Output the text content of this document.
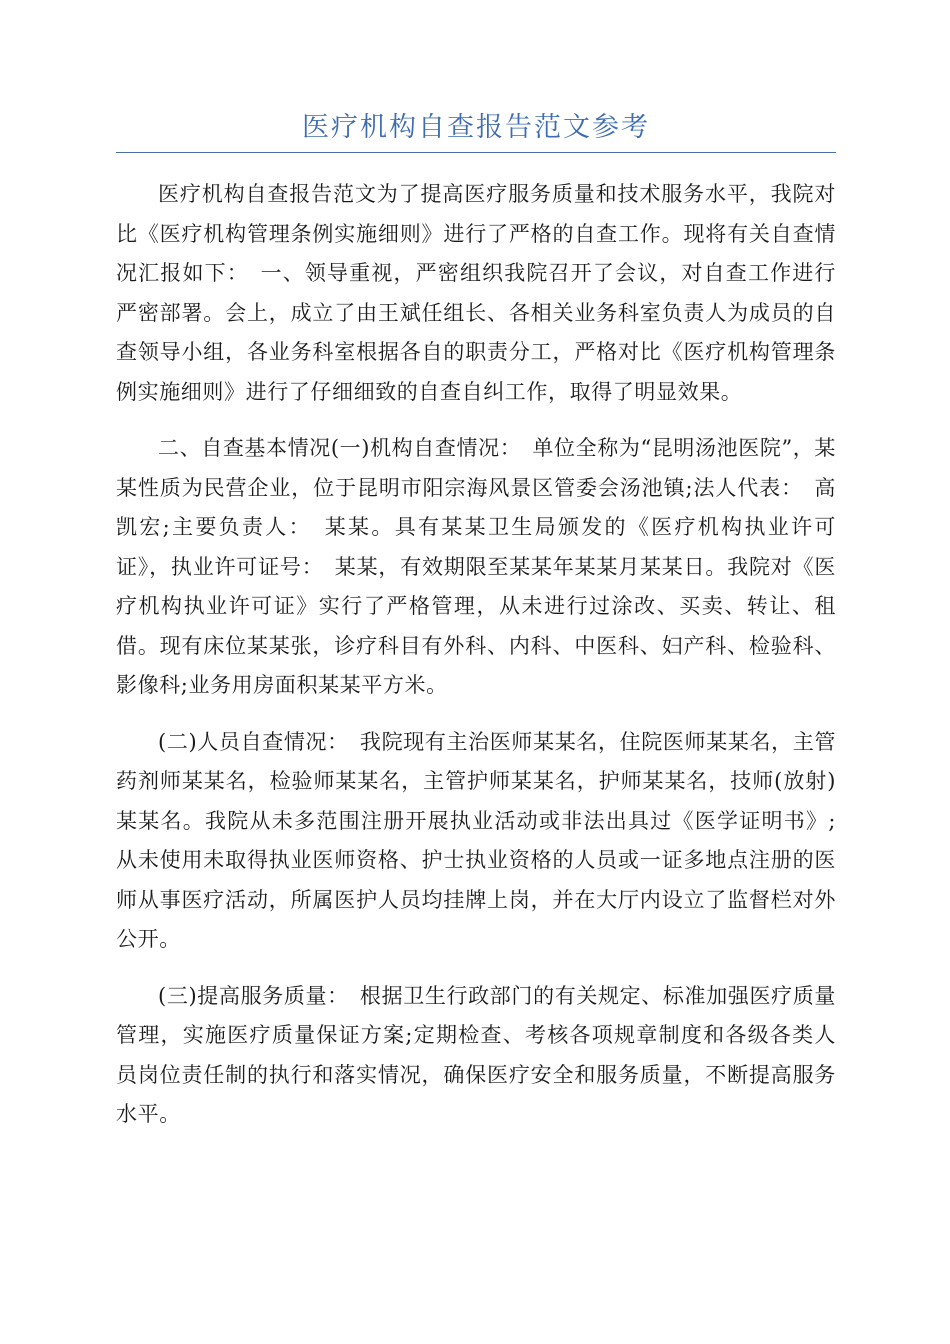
医疗机构自查报告范文参考

医疗机构自查报告范文为了提高医疗服务质量和技术服务水平，我院对比《医疗机构管理条例实施细则》进行了严格的自查工作。现将有关自查情况汇报如下：　一、领导重视，严密组织我院召开了会议，对自查工作进行严密部署。会上，成立了由王斌任组长、各相关业务科室负责人为成员的自查领导小组，各业务科室根据各自的职责分工，严格对比《医疗机构管理条例实施细则》进行了仔细细致的自查自纠工作，取得了明显效果。

二、自查基本情况(一)机构自查情况：　单位全称为“昆明汤池医院”，某某性质为民营企业，位于昆明市阳宗海风景区管委会汤池镇;法人代表：　高凯宏;主要负责人：　某某。具有某某卫生局颁发的《医疗机构执业许可证》，执业许可证号：　某某，有效期限至某某年某某月某某日。我院对《医疗机构执业许可证》实行了严格管理，从未进行过涂改、买卖、转让、租借。现有床位某某张，诊疗科目有外科、内科、中医科、妇产科、检验科、影像科;业务用房面积某某平方米。

(二)人员自查情况：　我院现有主治医师某某名，住院医师某某名，主管药剂师某某名，检验师某某名，主管护师某某名，护师某某名，技师(放射)某某名。我院从未多范围注册开展执业活动或非法出具过《医学证明书》;从未使用未取得执业医师资格、护士执业资格的人员或一证多地点注册的医师从事医疗活动，所属医护人员均挂牌上岗，并在大厅内设立了监督栏对外公开。

(三)提高服务质量：　根据卫生行政部门的有关规定、标准加强医疗质量管理，实施医疗质量保证方案;定期检查、考核各项规章制度和各级各类人员岗位责任制的执行和落实情况，确保医疗安全和服务质量，不断提高服务水平。
